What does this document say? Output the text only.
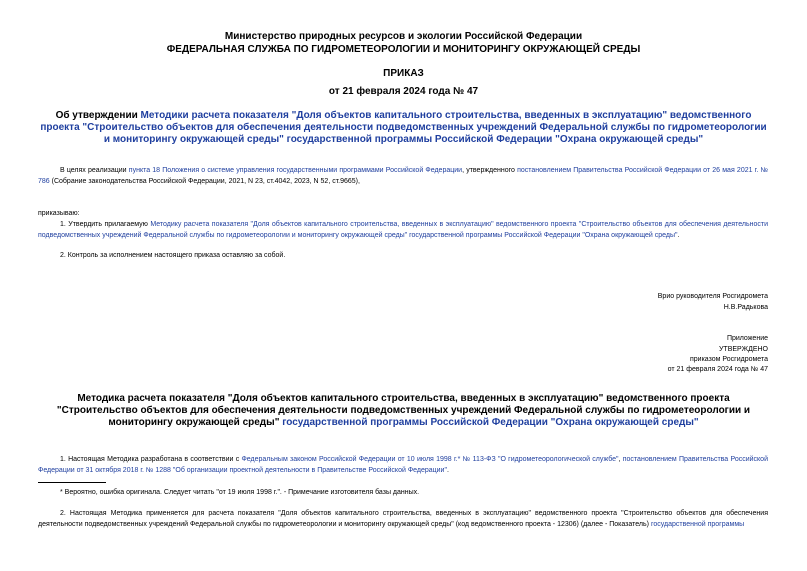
Министерство природных ресурсов и экологии Российской Федерации
ФЕДЕРАЛЬНАЯ СЛУЖБА ПО ГИДРОМЕТЕОРОЛОГИИ И МОНИТОРИНГУ ОКРУЖАЮЩЕЙ СРЕДЫ
ПРИКАЗ
от 21 февраля 2024 года № 47
Об утверждении Методики расчета показателя "Доля объектов капитального строительства, введенных в эксплуатацию" ведомственного проекта "Строительство объектов для обеспечения деятельности подведомственных учреждений Федеральной службы по гидрометеорологии и мониторингу окружающей среды" государственной программы Российской Федерации "Охрана окружающей среды"
В целях реализации пункта 18 Положения о системе управления государственными программами Российской Федерации, утвержденного постановлением Правительства Российской Федерации от 26 мая 2021 г. № 786 (Собрание законодательства Российской Федерации, 2021, N 23, ст.4042, 2023, N 52, ст.9665),
приказываю:
1. Утвердить прилагаемую Методику расчета показателя "Доля объектов капитального строительства, введенных в эксплуатацию" ведомственного проекта "Строительство объектов для обеспечения деятельности подведомственных учреждений Федеральной службы по гидрометеорологии и мониторингу окружающей среды" государственной программы Российской Федерации "Охрана окружающей среды".
2. Контроль за исполнением настоящего приказа оставляю за собой.
Врио руководителя Росгидромета
Н.В.Радькова
Приложение
УТВЕРЖДЕНО
приказом Росгидромета
от 21 февраля 2024 года № 47
Методика расчета показателя "Доля объектов капитального строительства, введенных в эксплуатацию" ведомственного проекта "Строительство объектов для обеспечения деятельности подведомственных учреждений Федеральной службы по гидрометеорологии и мониторингу окружающей среды" государственной программы Российской Федерации "Охрана окружающей среды"
1. Настоящая Методика разработана в соответствии с Федеральным законом Российской Федерации от 10 июля 1998 г.* № 113-ФЗ "О гидрометеорологической службе", постановлением Правительства Российской Федерации от 31 октября 2018 г. № 1288 "Об организации проектной деятельности в Правительстве Российской Федерации".
* Вероятно, ошибка оригинала. Следует читать "от 19 июля 1998 г.". - Примечание изготовителя базы данных.
2. Настоящая Методика применяется для расчета показателя "Доля объектов капитального строительства, введенных в эксплуатацию" ведомственного проекта "Строительство объектов для обеспечения деятельности подведомственных учреждений Федеральной службы по гидрометеорологии и мониторингу окружающей среды" (код ведомственного проекта - 12306) (далее - Показатель) государственной программы
